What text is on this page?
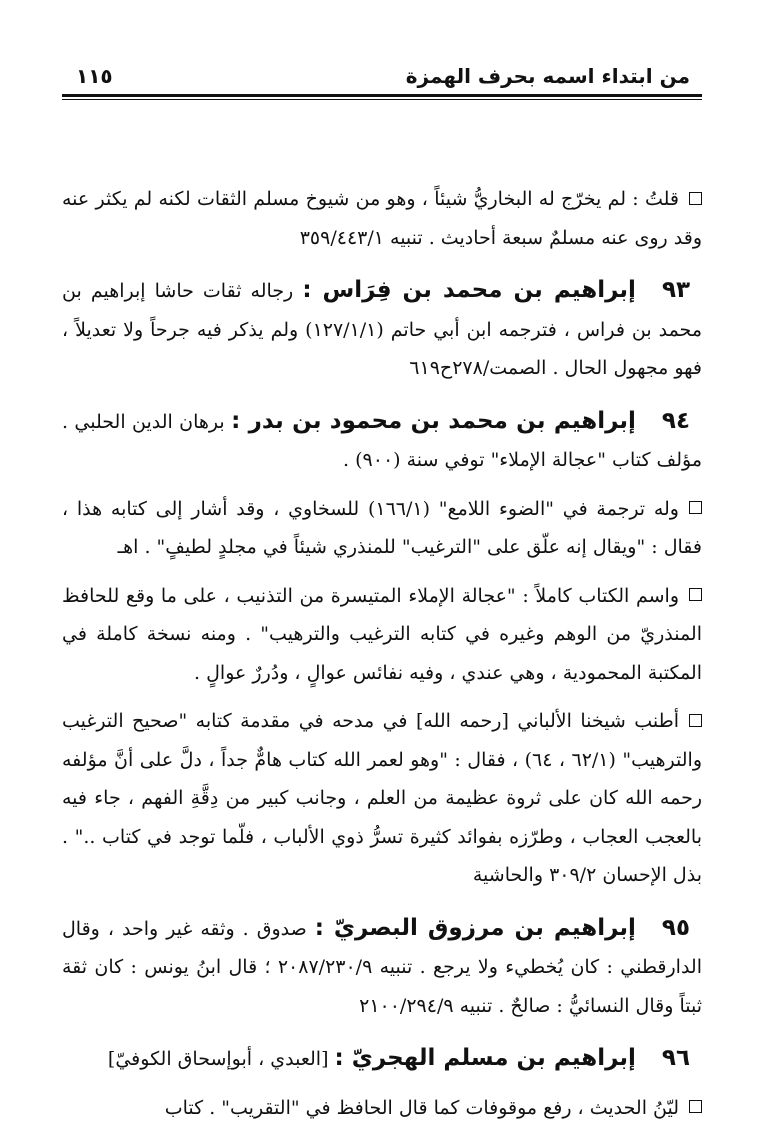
من ابتداء اسمه بحرف الهمزة
١١٥
قلتُ : لم يخرّج له البخاريُّ شيئاً ، وهو من شيوخ مسلم الثقات لكنه لم يكثر عنه وقد روى عنه مسلمٌ سبعة أحاديث . تنبيه ٣٥٩/٤٤٣/١
٩٣إبراهيم بن محمد بن فِرَاس : رجاله ثقات حاشا إبراهيم بن محمد بن فراس ، فترجمه ابن أبي حاتم (١٢٧/١/١) ولم يذكر فيه جرحاً ولا تعديلاً ، فهو مجهول الحال . الصمت/٢٧٨ح٦١٩
٩٤إبراهيم بن محمد بن محمود بن بدر : برهان الدين الحلبي . مؤلف كتاب "عجالة الإملاء" توفي سنة (٩٠٠) .
وله ترجمة في "الضوء اللامع" (١٦٦/١) للسخاوي ، وقد أشار إلى كتابه هذا ، فقال : "ويقال إنه علّق على "الترغيب" للمنذري شيئاً في مجلدٍ لطيفٍ" . اهـ
واسم الكتاب كاملاً : "عجالة الإملاء المتيسرة من التذنيب ، على ما وقع للحافظ المنذريّ من الوهم وغيره في كتابه الترغيب والترهيب" . ومنه نسخة كاملة في المكتبة المحمودية ، وهي عندي ، وفيه نفائس عوالٍ ، ودُررٌ عوالٍ .
أطنب شيخنا الألباني [رحمه الله] في مدحه في مقدمة كتابه "صحيح الترغيب والترهيب" (٦٢/١ ، ٦٤) ، فقال : "وهو لعمر الله كتاب هامٌّ جداً ، دلَّ على أنَّ مؤلفه رحمه الله كان على ثروة عظيمة من العلم ، وجانب كبير من دِقَّةِ الفهم ، جاء فيه بالعجب العجاب ، وطرّزه بفوائد كثيرة تسرُّ ذوي الألباب ، فلّما توجد في كتاب .." . بذل الإحسان ٣٠٩/٢ والحاشية
٩٥إبراهيم بن مرزوق البصريّ : صدوق . وثقه غير واحد ، وقال الدارقطني : كان يُخطيء ولا يرجع . تنبيه ٢٠٨٧/٢٣٠/٩ ؛ قال ابنُ يونس : كان ثقة ثبتاً وقال النسائيُّ : صالحٌ . تنبيه ٢١٠٠/٢٩٤/٩
٩٦إبراهيم بن مسلم الهجريّ : [العبدي ، أبوإسحاق الكوفيّ]
ليّنُ الحديث ، رفع موقوفات كما قال الحافظ في "التقريب" . كتاب
